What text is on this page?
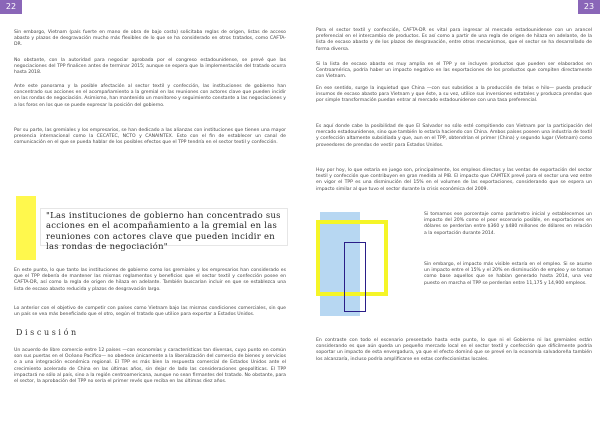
22

Sin embargo, Vietnam (país fuerte en mano de obra de bajo costo) solicitaba reglas de origen, listas de acceso abasto y plazos de desgravación mucho más flexibles de lo que se ha considerado en otros tratados, como CAFTA-DR.

No obstante, con la autoridad para negociar aprobada por el congreso estadounidense, se prevé que las negociaciones del TPP finalicen antes de terminar 2015; aunque se espera que la implementación del tratado ocurra hasta 2018.

Ante este panorama y la posible afectación al sector textil y confección, las instituciones de gobierno han concentrado sus acciones en el acompañamiento a la gremial en las reuniones con actores clave que pueden incidir en las rondas de negociación. Asimismo, han mantenido un monitoreo y seguimiento constante a las negociaciones y a los foros en los que se puede expresar la posición del gobierno.

Por su parte, las gremiales y los empresarios, se han dedicado a las alianzas con instituciones que tienen una mayor presencia internacional como la CECATEC, NCTO y CANAINTEX. Esto con el fin de establecer un canal de comunicación en el que se pueda hablar de los posibles efectos que el TPP tendría en el sector textil y confección.

"Las instituciones de gobierno han concentrado sus acciones en el acompañamiento a la gremial en las reuniones con actores clave que pueden incidir en las rondas de negociación"

En este punto, lo que tanto las instituciones de gobierno como los gremiales y los empresarios han considerado es que el TPP debería de mantener las mismas reglamentos y beneficios que el sector textil y confección posee en CAFTA-DR, así como la regla de origen de hilaza en adelante. También buscarían incluir en que se establezca una lista de escaso abasto reducida y plazos de desgravación largo.

Lo anterior con el objetivo de competir con países como Vietnam bajo las mismas condiciones comerciales, sin que un país se vea más beneficiado que el otro, según el tratado que utilice para exportar a Estados Unidos.

Discusión

Un acuerdo de libre comercio entre 12 países —con economías y características tan diversas, cuyo punto en común son sus puertas en el Océano Pacífico— no obedece únicamente a la liberalización del comercio de bienes y servicios o a una integración económica regional. El TPP es más bien la respuesta comercial de Estados Unidos ante el crecimiento acelerado de China en las últimas años, sin dejar de lado las consideraciones geopolíticas. El TPP impactará no sólo al país, sino a la región centroamericana, aunque no sean firmantes del tratado. No obstante, para el sector, la aprobación del TPP no sería el primer revés que reciba en las últimas diez años.

23

Para el sector textil y confección, CAFTA-DR es vital para ingresar al mercado estadounidense con un arancel preferencial en el intercambio de productos. Es así como a partir de una regla de origen de hilaza en adelante, de la lista de escaso abasto y de los plazos de desgravación, entre otros mecanismos, que el sector se ha desarrollado de forma diversa.

Si la lista de escaso abasto es muy amplia en el TPP y se incluyen productos que pueden ser elaborados en Centroamérica, podría haber un impacto negativo en las exportaciones de los productos que compiten directamente con Vietnam.

En ese sentido, surge la inquietud que China —con sus subsidios a la producción de telas e hilo— pueda producir insumos de escaso abasto para Vietnam y que éste, a su vez, utilice sus inversiones estatales y produzca prendas que por simple transformación puedan entrar al mercado estadounidense con una tasa preferencial.

Es aquí donde cabe la posibilidad de que El Salvador no sólo esté compitiendo con Vietnam por la participación del mercado estadounidense, sino que también lo estaría haciendo con China. Ambos países poseen una industria de textil y confección altamente subsidiada y que, aun en el TPP, obtendrían el primer (China) y segundo lugar (Vietnam) como proveedores de prendas de vestir para Estados Unidos.

Hoy por hoy, lo que estaría en juego son, principalmente, los empleos directos y las ventas de exportación del sector textil y confección que contribuyen en gran medida al PIB. El impacto que CAMTEX prevé para el sector una vez entre en vigor el TPP es una disminución del 15% en el volumen de las exportaciones, considerando que se espera un impacto similar al que tuvo el sector durante la crisis económica del 2009.

Si tomamos ese porcentaje como parámetro inicial y establecemos un impacto del 20% como el peor escenario posible, en exportaciones en dólares se perderían entre $360 y $480 millones de dólares en relación a la exportación durante 2014.

Sin embargo, el impacto más visible estaría en el empleo. Si se asume un impacto entre el 15% y el 20% en disminución de empleo y se toman como base aquellos que se habían generado hasta 2014, una vez puesto en marcha el TPP se perderían entre 11,175 y 14,900 empleos.

En contraste con todo el escenario presentado hasta este punto, lo que ni el Gobierno ni las gremiales están considerando es que aún queda un pequeño mercado local en el sector textil y confección que difícilmente podría soportar un impacto de esta envergadura, ya que el efecto dominó que se prevé en la economía salvadoreña también los alcanzaría, incluso podría amplificarse en estas confeccionistas locales.
